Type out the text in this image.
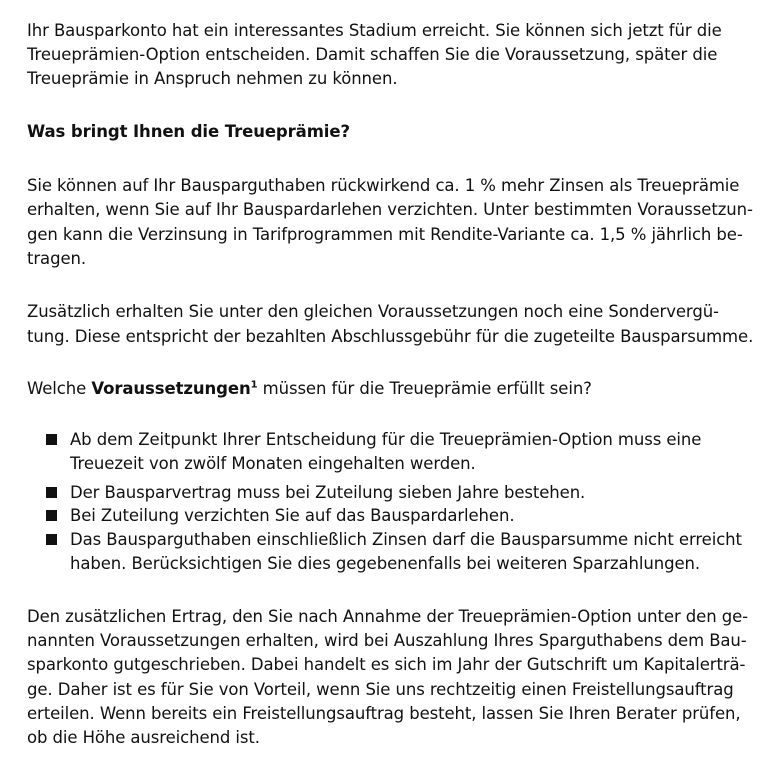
Ihr Bausparkonto hat ein interessantes Stadium erreicht. Sie können sich jetzt für die
Treueprämien-Option entscheiden. Damit schaffen Sie die Voraussetzung, später die
Treueprämie in Anspruch nehmen zu können.
Was bringt Ihnen die Treueprämie?
Sie können auf Ihr Bausparguthaben rückwirkend ca. 1 % mehr Zinsen als Treueprämie
erhalten, wenn Sie auf Ihr Bauspardarlehen verzichten. Unter bestimmten Voraussetzun-
gen kann die Verzinsung in Tarifprogrammen mit Rendite-Variante ca. 1,5 % jährlich be-
tragen.
Zusätzlich erhalten Sie unter den gleichen Voraussetzungen noch eine Sondervergü-
tung. Diese entspricht der bezahlten Abschlussgebühr für die zugeteilte Bausparsumme.
Welche Voraussetzungen$^1$ müssen für die Treueprämie erfüllt sein?
Ab dem Zeitpunkt Ihrer Entscheidung für die Treueprämien-Option muss eine
Treuezeit von zwölf Monaten eingehalten werden.
Der Bausparvertrag muss bei Zuteilung sieben Jahre bestehen.
Bei Zuteilung verzichten Sie auf das Bauspardarlehen.
Das Bausparguthaben einschließlich Zinsen darf die Bausparsumme nicht erreicht
haben. Berücksichtigen Sie dies gegebenenfalls bei weiteren Sparzahlungen.
Den zusätzlichen Ertrag, den Sie nach Annahme der Treueprämien-Option unter den ge-
nannten Voraussetzungen erhalten, wird bei Auszahlung Ihres Sparguthabens dem Bau-
sparkonto gutgeschrieben. Dabei handelt es sich im Jahr der Gutschrift um Kapitalerträ-
ge. Daher ist es für Sie von Vorteil, wenn Sie uns rechtzeitig einen Freistellungsauftrag
erteilen. Wenn bereits ein Freistellungsauftrag besteht, lassen Sie Ihren Berater prüfen,
ob die Höhe ausreichend ist.
